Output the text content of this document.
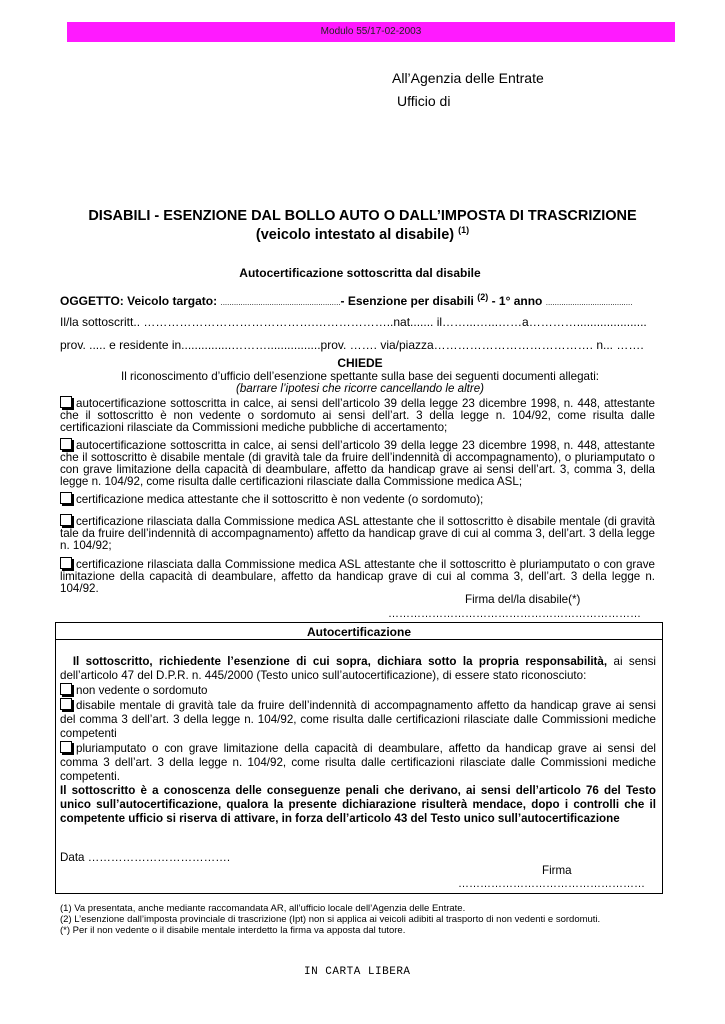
Modulo 55/17-02-2003
All’Agenzia delle Entrate
Ufficio di
DISABILI - ESENZIONE DAL BOLLO AUTO O DALL’IMPOSTA DI TRASCRIZIONE
(veicolo intestato al disabile) $^{(1)}$
Autocertificazione sottoscritta dal disabile
OGGETTO: Veicolo targato: ......................................................- Esenzione per disabili $^{(2)}$ - 1° anno .......................................
Il/la sottoscritt.. …………………………………….………………..nat....... il……...…...……a………….....................
prov. ..... e residente in...............………................prov. ……. via/piazza…………………………………. n... …….
CHIEDE
Il riconoscimento d’ufficio dell’esenzione spettante sulla base dei seguenti documenti allegati:
(barrare l’ipotesi che ricorre cancellando le altre)
autocertificazione sottoscritta in calce, ai sensi dell’articolo 39 della legge 23 dicembre 1998, n. 448, attestante che il sottoscritto è non vedente o sordomuto ai sensi dell’art. 3 della legge n. 104/92, come risulta dalle certificazioni rilasciate da Commissioni mediche pubbliche di accertamento;
autocertificazione sottoscritta in calce, ai sensi dell’articolo 39 della legge 23 dicembre 1998, n. 448, attestante che il sottoscritto è disabile mentale (di gravità tale da fruire dell’indennità di accompagnamento), o pluriamputato o con grave limitazione della capacità di deambulare, affetto da handicap grave ai sensi dell’art. 3, comma 3, della legge n. 104/92, come risulta dalle certificazioni rilasciate dalla Commissione medica ASL;
certificazione medica attestante che il sottoscritto è non vedente (o sordomuto);
certificazione rilasciata dalla Commissione medica ASL attestante che il sottoscritto è disabile mentale (di gravità tale da fruire dell’indennità di accompagnamento) affetto da handicap grave di cui al comma 3, dell’art. 3 della legge n. 104/92;
certificazione rilasciata dalla Commissione medica ASL attestante che il sottoscritto è pluriamputato o con grave limitazione della capacità di deambulare, affetto da handicap grave di cui al comma 3, dell’art. 3 della legge n. 104/92.
Firma del/la disabile(*)
……………………………………………………………
Autocertificazione
Il sottoscritto, richiedente l’esenzione di cui sopra, dichiara sotto la propria responsabilità, ai sensi dell’articolo 47 del D.P.R. n. 445/2000 (Testo unico sull’autocertificazione), di essere stato riconosciuto:
non vedente o sordomuto
disabile mentale di gravità tale da fruire dell’indennità di accompagnamento affetto da handicap grave ai sensi del comma 3 dell’art. 3 della legge n. 104/92, come risulta dalle certificazioni rilasciate dalle Commissioni mediche competenti
pluriamputato o con grave limitazione della capacità di deambulare, affetto da handicap grave ai sensi del comma 3 dell’art. 3 della legge n. 104/92, come risulta dalle certificazioni rilasciate dalle Commissioni mediche competenti.
Il sottoscritto è a conoscenza delle conseguenze penali che derivano, ai sensi dell’articolo 76 del Testo unico sull’autocertificazione, qualora la presente dichiarazione risulterà mendace, dopo i controlli che il competente ufficio si riserva di attivare, in forza dell’articolo 43 del Testo unico sull’autocertificazione
Data ……………………………….
Firma
……………………………………………
(1) Va presentata, anche mediante raccomandata AR, all’ufficio locale dell’Agenzia delle Entrate.
(2) L’esenzione dall’imposta provinciale di trascrizione (Ipt) non si applica ai veicoli adibiti al trasporto di non vedenti e sordomuti.
(*) Per il non vedente o il disabile mentale interdetto la firma va apposta dal tutore.
IN CARTA LIBERA
